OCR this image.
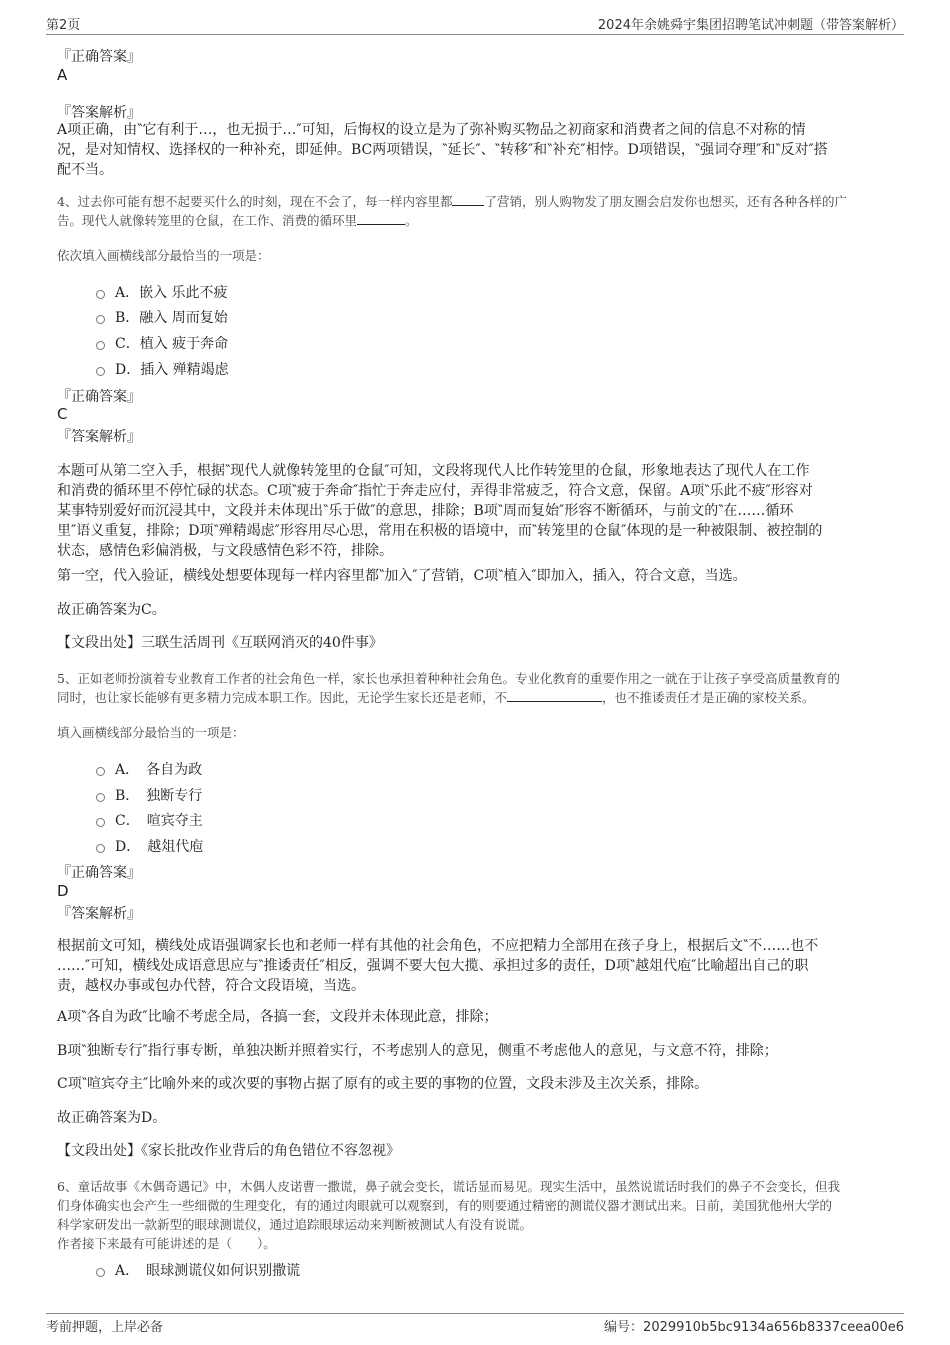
第2页	2024年余姚舜宇集团招聘笔试冲刺题（带答案解析）
『正确答案』
A
『答案解析』
A项正确，由‶它有利于…，也无损于…″可知，后悔权的设立是为了弥补购买物品之初商家和消费者之间的信息不对称的情
况，是对知情权、选择权的一种补充，即延伸。BC两项错误，‶延长″、‶转移″和‶补充″相悖。D项错误，‶强词夺理″和‶反对″搭
配不当。
4、过去你可能有想不起要买什么的时刻，现在不会了，每一样内容里都	了营销，别人购物发了朋友圈会启发你也想买，还有各种各样的广
告。现代人就像转笼里的仓鼠，在工作、消费的循环里	。
依次填入画横线部分最恰当的一项是：
A．嵌入 乐此不疲
B．融入 周而复始
C．植入 疲于奔命
D．插入 殚精竭虑
『正确答案』
C
『答案解析』
本题可从第二空入手，根据‶现代人就像转笼里的仓鼠″可知，文段将现代人比作转笼里的仓鼠，形象地表达了现代人在工作
和消费的循环里不停忙碌的状态。C项‶疲于奔命″指忙于奔走应付，弄得非常疲乏，符合文意，保留。A项‶乐此不疲″形容对
某事特别爱好而沉浸其中，文段并未体现出‶乐于做″的意思，排除；B项‶周而复始″形容不断循环，与前文的‶在……循环
里″语义重复，排除；D项‶殚精竭虑″形容用尽心思，常用在积极的语境中，而‶转笼里的仓鼠″体现的是一种被限制、被控制的
状态，感情色彩偏消极，与文段感情色彩不符，排除。
第一空，代入验证，横线处想要体现每一样内容里都‶加入″了营销，C项‶植入″即加入，插入，符合文意，当选。
故正确答案为C。
【文段出处】三联生活周刊《互联网消灭的40件事》
5、正如老师扮演着专业教育工作者的社会角色一样，家长也承担着种种社会角色。专业化教育的重要作用之一就在于让孩子享受高质量教育的
同时，也让家长能够有更多精力完成本职工作。因此，无论学生家长还是老师，不	，也不推诿责任才是正确的家校关系。
填入画横线部分最恰当的一项是：
A．　各自为政
B．　独断专行
C．　喧宾夺主
D．　越俎代庖
『正确答案』
D
『答案解析』
根据前文可知，横线处成语强调家长也和老师一样有其他的社会角色，不应把精力全部用在孩子身上，根据后文‶不……也不
……″可知，横线处成语意思应与‶推诿责任″相反，强调不要大包大揽、承担过多的责任，D项‶越俎代庖″比喻超出自己的职
责，越权办事或包办代替，符合文段语境，当选。
A项‶各自为政″比喻不考虑全局，各搞一套，文段并未体现此意，排除；
B项‶独断专行″指行事专断，单独决断并照着实行，不考虑别人的意见，侧重不考虑他人的意见，与文意不符，排除；
C项‶喧宾夺主″比喻外来的或次要的事物占据了原有的或主要的事物的位置，文段未涉及主次关系，排除。
故正确答案为D。
【文段出处】《家长批改作业背后的角色错位不容忽视》
6、童话故事《木偶奇遇记》中，木偶人皮诺曹一撒谎，鼻子就会变长，谎话显而易见。现实生活中，虽然说谎话时我们的鼻子不会变长，但我
们身体确实也会产生一些细微的生理变化，有的通过肉眼就可以观察到，有的则要通过精密的测谎仪器才测试出来。日前，美国犹他州大学的
科学家研发出一款新型的眼球测谎仪，通过追踪眼球运动来判断被测试人有没有说谎。
作者接下来最有可能讲述的是（　　）。
A．　眼球测谎仪如何识别撒谎
考前押题，上岸必备	编号：2029910b5bc9134a656b8337ceea00e6
